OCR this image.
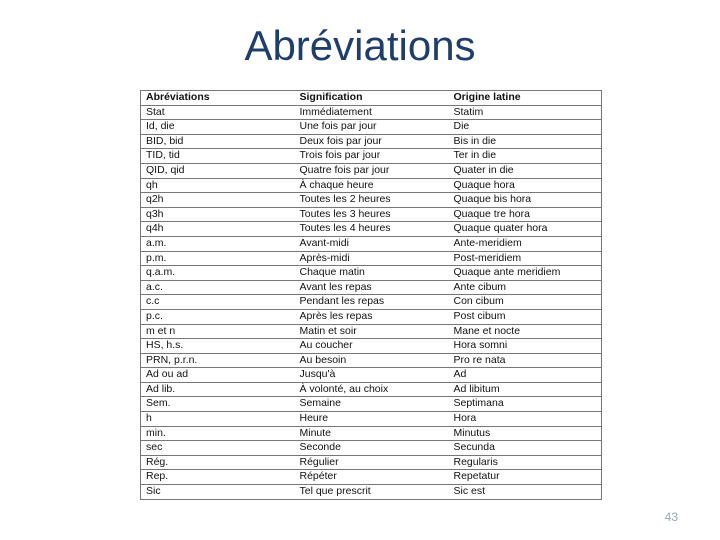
Abréviations
Abréviations	Signification	Origine latine
Stat	Immédiatement	Statim
Id, die	Une fois par jour	Die
BID, bid	Deux fois par jour	Bis in die
TID, tid	Trois fois par jour	Ter in die
QID, qid	Quatre fois par jour	Quater in die
qh	À chaque heure	Quaque hora
q2h	Toutes les 2 heures	Quaque bis hora
q3h	Toutes les 3 heures	Quaque tre hora
q4h	Toutes les 4 heures	Quaque quater hora
a.m.	Avant-midi	Ante-meridiem
p.m.	Après-midi	Post-meridiem
q.a.m.	Chaque matin	Quaque ante meridiem
a.c.	Avant les repas	Ante cibum
c.c	Pendant les repas	Con cibum
p.c.	Après les repas	Post cibum
m et n	Matin et soir	Mane et nocte
HS, h.s.	Au coucher	Hora somni
PRN, p.r.n.	Au besoin	Pro re nata
Ad ou ad	Jusqu'à	Ad
Ad lib.	À volonté, au choix	Ad libitum
Sem.	Semaine	Septimana
h	Heure	Hora
min.	Minute	Minutus
sec	Seconde	Secunda
Rég.	Régulier	Regularis
Rep.	Répéter	Repetatur
Sic	Tel que prescrit	Sic est
43
